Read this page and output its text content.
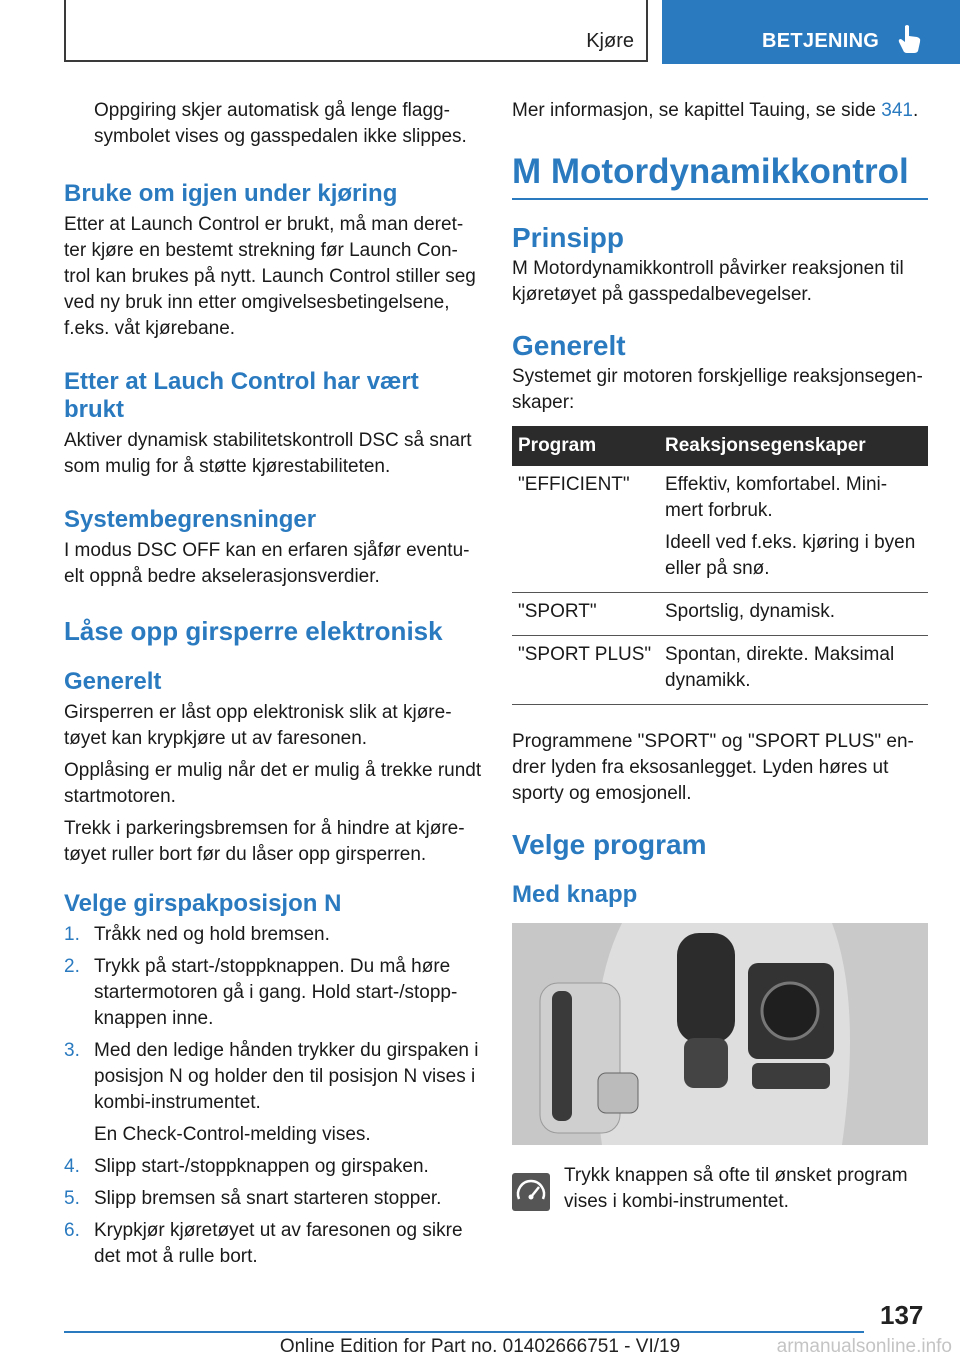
Kjøre	BETJENING

Oppgiring skjer automatisk gå lenge flagg-symbolet vises og gasspedalen ikke slippes.

Bruke om igjen under kjøring

Etter at Launch Control er brukt, må man deret-ter kjøre en bestemt strekning før Launch Con-trol kan brukes på nytt. Launch Control stiller seg ved ny bruk inn etter omgivelsesbetingelsene, f.eks. våt kjørebane.

Etter at Lauch Control har vært brukt

Aktiver dynamisk stabilitetskontroll DSC så snart som mulig for å støtte kjørestabiliteten.

Systembegrensninger

I modus DSC OFF kan en erfaren sjåfør eventu-elt oppnå bedre akselerasjonsverdier.

Låse opp girsperre elektronisk
Generelt

Girsperren er låst opp elektronisk slik at kjøre-tøyet kan krypkjøre ut av faresonen.

Opplåsing er mulig når det er mulig å trekke rundt startmotoren.

Trekk i parkeringsbremsen for å hindre at kjøre-tøyet ruller bort før du låser opp girsperren.

Velge girspakposisjon N
1. Tråkk ned og hold bremsen.
2. Trykk på start-/stoppknappen. Du må høre startermotoren gå i gang. Hold start-/stopp-knappen inne.
3. Med den ledige hånden trykker du girspaken i posisjon N og holder den til posisjon N vises i kombi-instrumentet.
En Check-Control-melding vises.
4. Slipp start-/stoppknappen og girspaken.
5. Slipp bremsen så snart starteren stopper.
6. Krypkjør kjøretøyet ut av faresonen og sikre det mot å rulle bort.

Mer informasjon, se kapittel Tauing, se side 341.

M Motordynamikkontrol
Prinsipp

M Motordynamikkontroll påvirker reaksjonen til kjøretøyet på gasspedalbevegelser.

Generelt

Systemet gir motoren forskjellige reaksjonsegen-skaper:

Program	Reaksjonsegenskaper
"EFFICIENT"	Effektiv, komfortabel. Mini-mert forbruk.
Ideell ved f.eks. kjøring i byen eller på snø.

"SPORT"	Sportslig, dynamisk.
"SPORT PLUS"	Spontan, direkte. Maksimal dynamikk.

Programmene "SPORT" og "SPORT PLUS" en-drer lyden fra eksosanlegget. Lyden høres ut sporty og emosjonell.

Velge program
Med knapp

Trykk knappen så ofte til ønsket program vises i kombi-instrumentet.

137
Online Edition for Part no. 01402666751 - VI/19	armanualsonline.info
